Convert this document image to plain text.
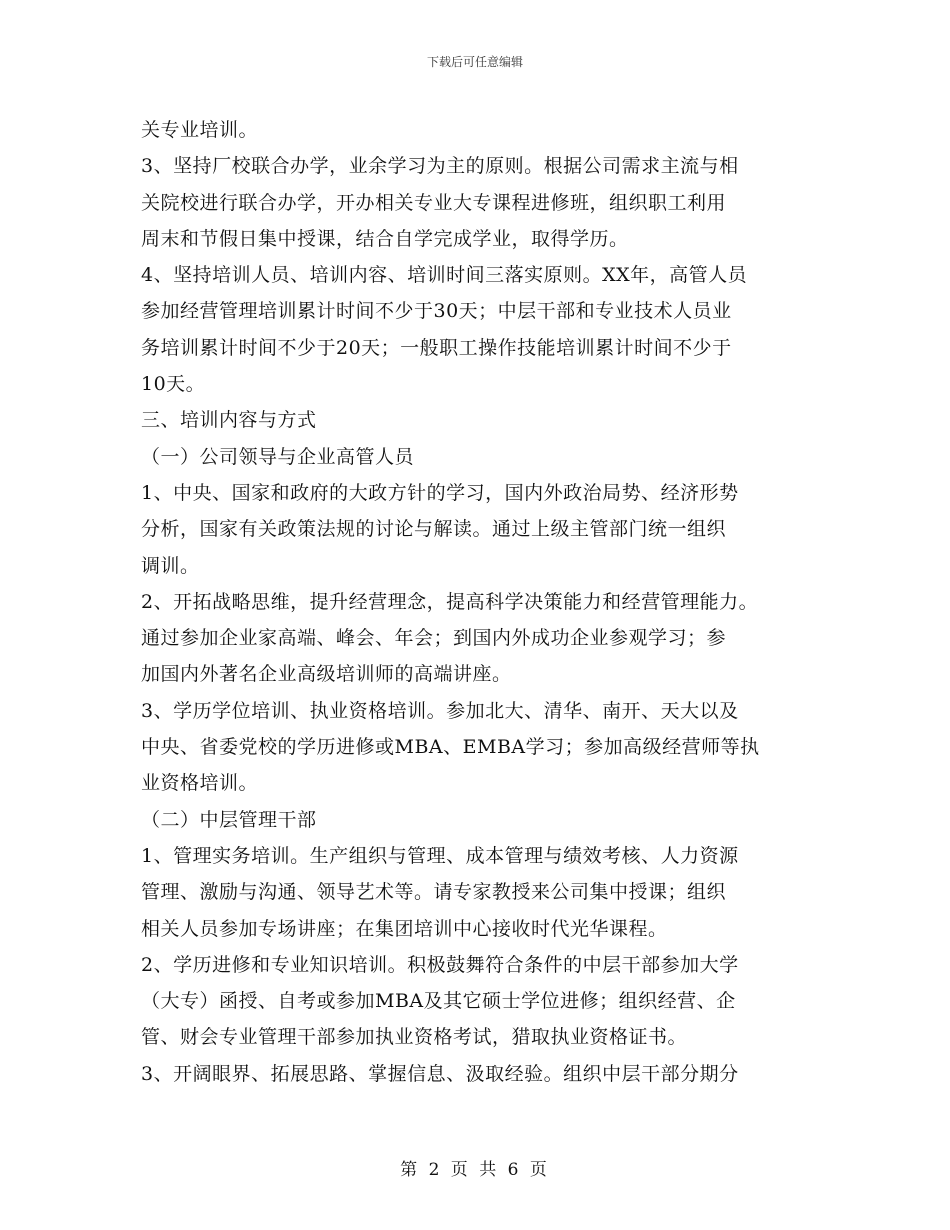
下载后可任意编辑
关专业培训。
3、坚持厂校联合办学，业余学习为主的原则。根据公司需求主流与相
关院校进行联合办学，开办相关专业大专课程进修班，组织职工利用
周末和节假日集中授课，结合自学完成学业，取得学历。
4、坚持培训人员、培训内容、培训时间三落实原则。XX年，高管人员
参加经营管理培训累计时间不少于30天；中层干部和专业技术人员业
务培训累计时间不少于20天；一般职工操作技能培训累计时间不少于
10天。
三、培训内容与方式
（一）公司领导与企业高管人员
1、中央、国家和政府的大政方针的学习，国内外政治局势、经济形势
分析，国家有关政策法规的讨论与解读。通过上级主管部门统一组织
调训。
2、开拓战略思维，提升经营理念，提高科学决策能力和经营管理能力。
通过参加企业家高端、峰会、年会；到国内外成功企业参观学习；参
加国内外著名企业高级培训师的高端讲座。
3、学历学位培训、执业资格培训。参加北大、清华、南开、天大以及
中央、省委党校的学历进修或MBA、EMBA学习；参加高级经营师等执
业资格培训。
（二）中层管理干部
1、管理实务培训。生产组织与管理、成本管理与绩效考核、人力资源
管理、激励与沟通、领导艺术等。请专家教授来公司集中授课；组织
相关人员参加专场讲座；在集团培训中心接收时代光华课程。
2、学历进修和专业知识培训。积极鼓舞符合条件的中层干部参加大学
（大专）函授、自考或参加MBA及其它硕士学位进修；组织经营、企
管、财会专业管理干部参加执业资格考试，猎取执业资格证书。
3、开阔眼界、拓展思路、掌握信息、汲取经验。组织中层干部分期分
第 2 页 共 6 页
